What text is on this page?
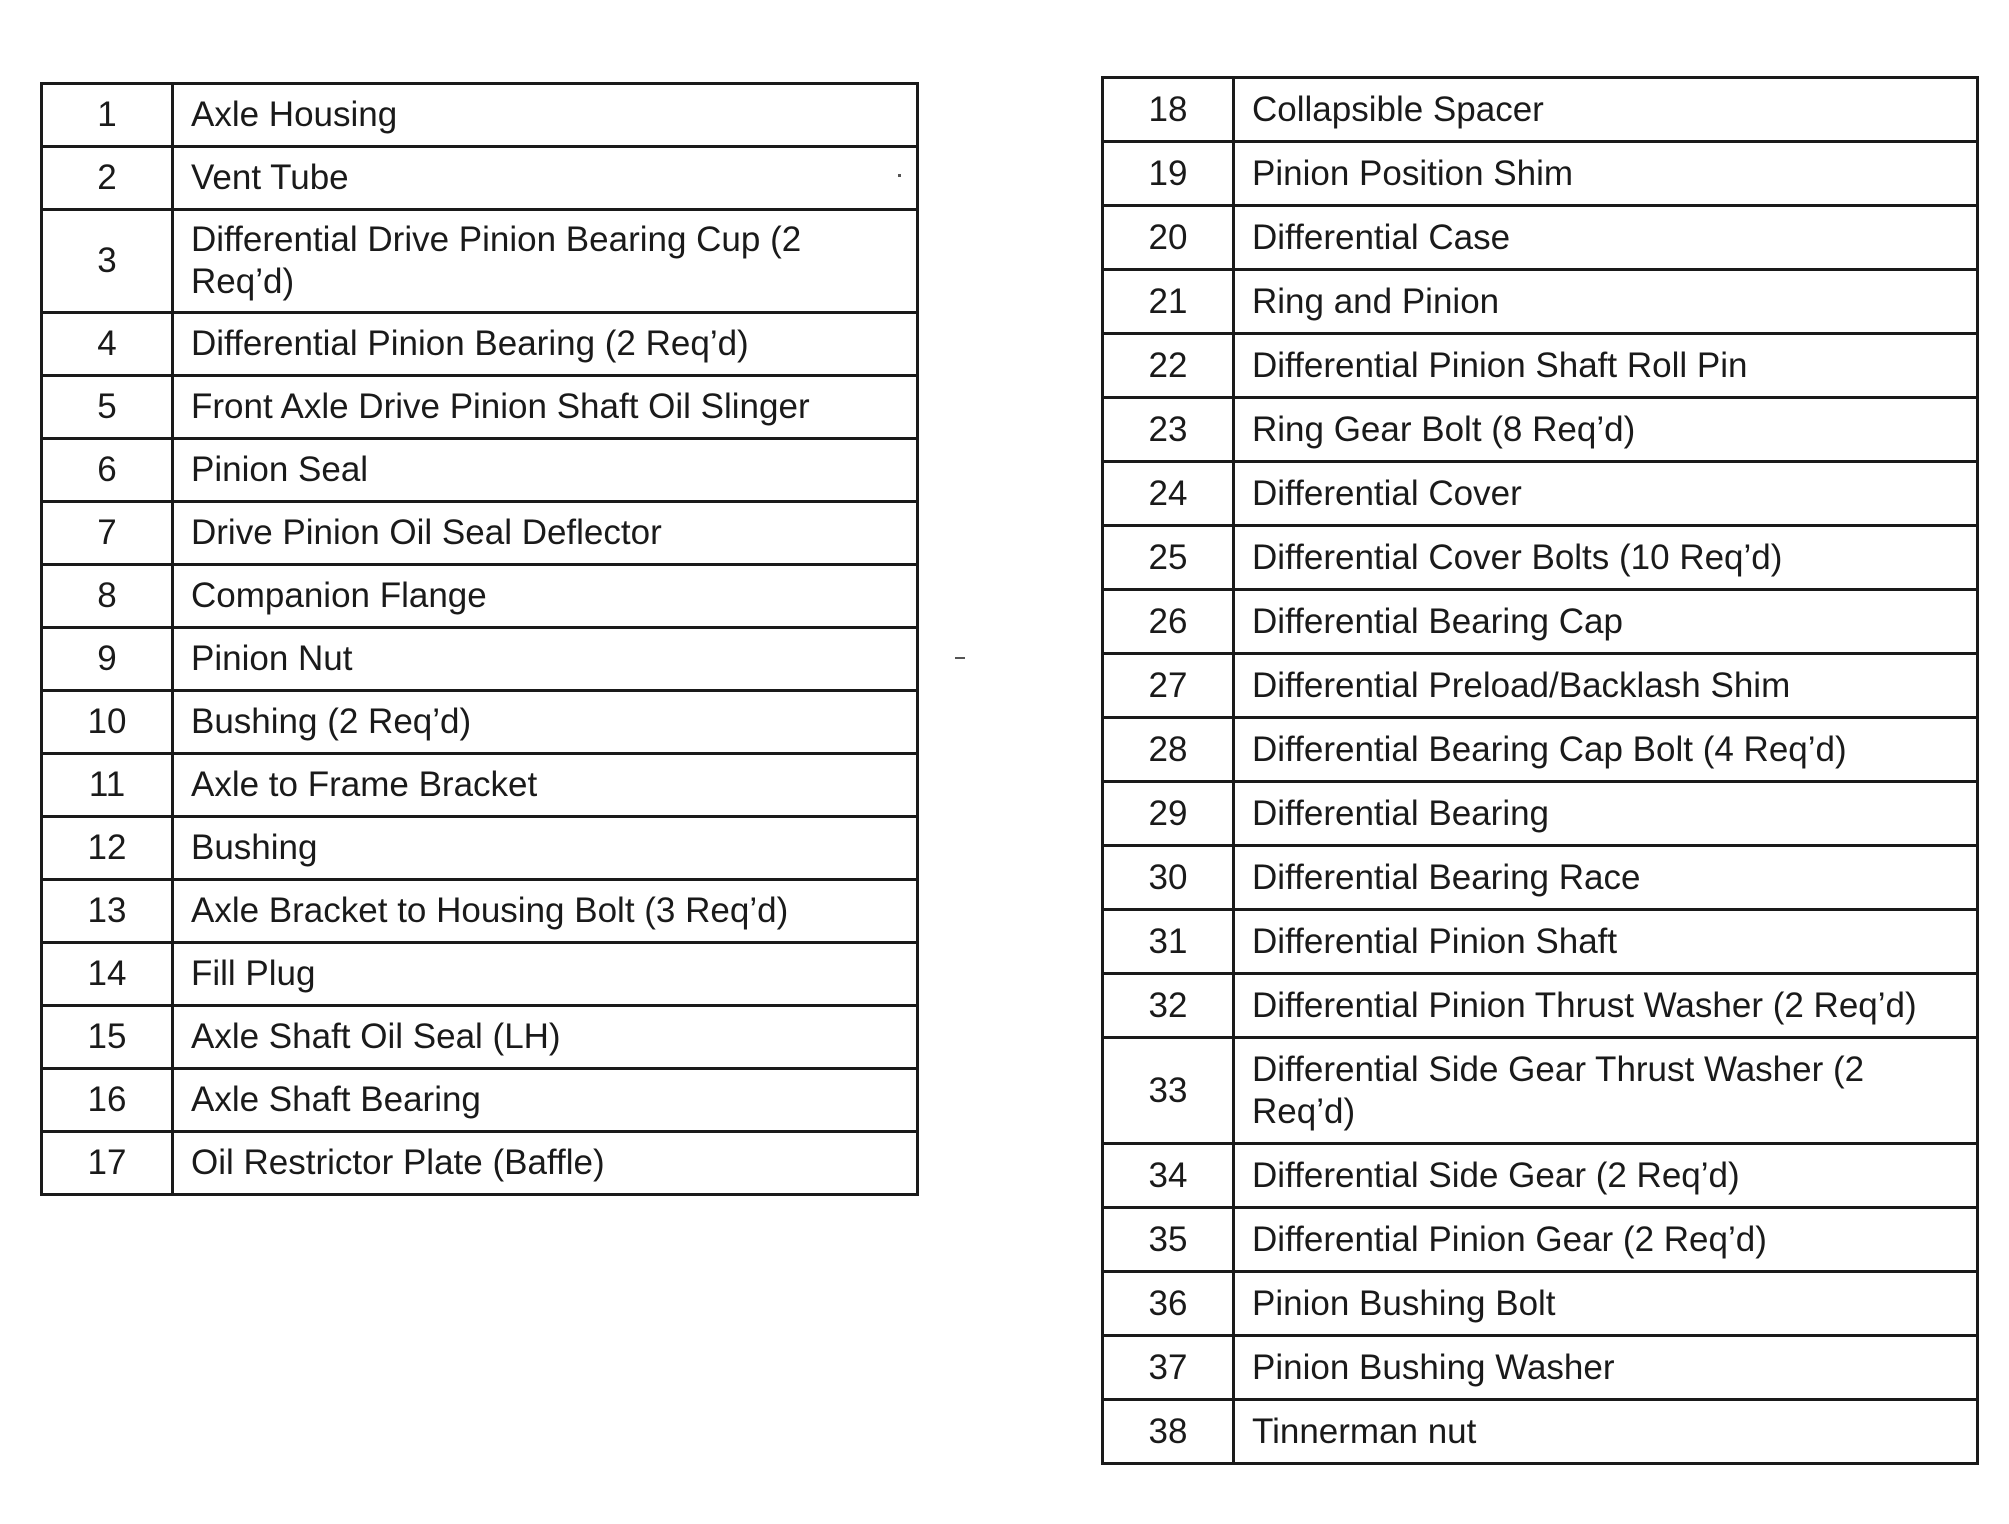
1	Axle Housing
2	Vent Tube
3	Differential Drive Pinion Bearing Cup (2 Req’d)
4	Differential Pinion Bearing (2 Req’d)
5	Front Axle Drive Pinion Shaft Oil Slinger
6	Pinion Seal
7	Drive Pinion Oil Seal Deflector
8	Companion Flange
9	Pinion Nut
10	Bushing (2 Req’d)
11	Axle to Frame Bracket
12	Bushing
13	Axle Bracket to Housing Bolt (3 Req’d)
14	Fill Plug
15	Axle Shaft Oil Seal (LH)
16	Axle Shaft Bearing
17	Oil Restrictor Plate (Baffle)
18	Collapsible Spacer
19	Pinion Position Shim
20	Differential Case
21	Ring and Pinion
22	Differential Pinion Shaft Roll Pin
23	Ring Gear Bolt (8 Req’d)
24	Differential Cover
25	Differential Cover Bolts (10 Req’d)
26	Differential Bearing Cap
27	Differential Preload/Backlash Shim
28	Differential Bearing Cap Bolt (4 Req’d)
29	Differential Bearing
30	Differential Bearing Race
31	Differential Pinion Shaft
32	Differential Pinion Thrust Washer (2 Req’d)
33	Differential Side Gear Thrust Washer (2 Req’d)
34	Differential Side Gear (2 Req’d)
35	Differential Pinion Gear (2 Req’d)
36	Pinion Bushing Bolt
37	Pinion Bushing Washer
38	Tinnerman nut
